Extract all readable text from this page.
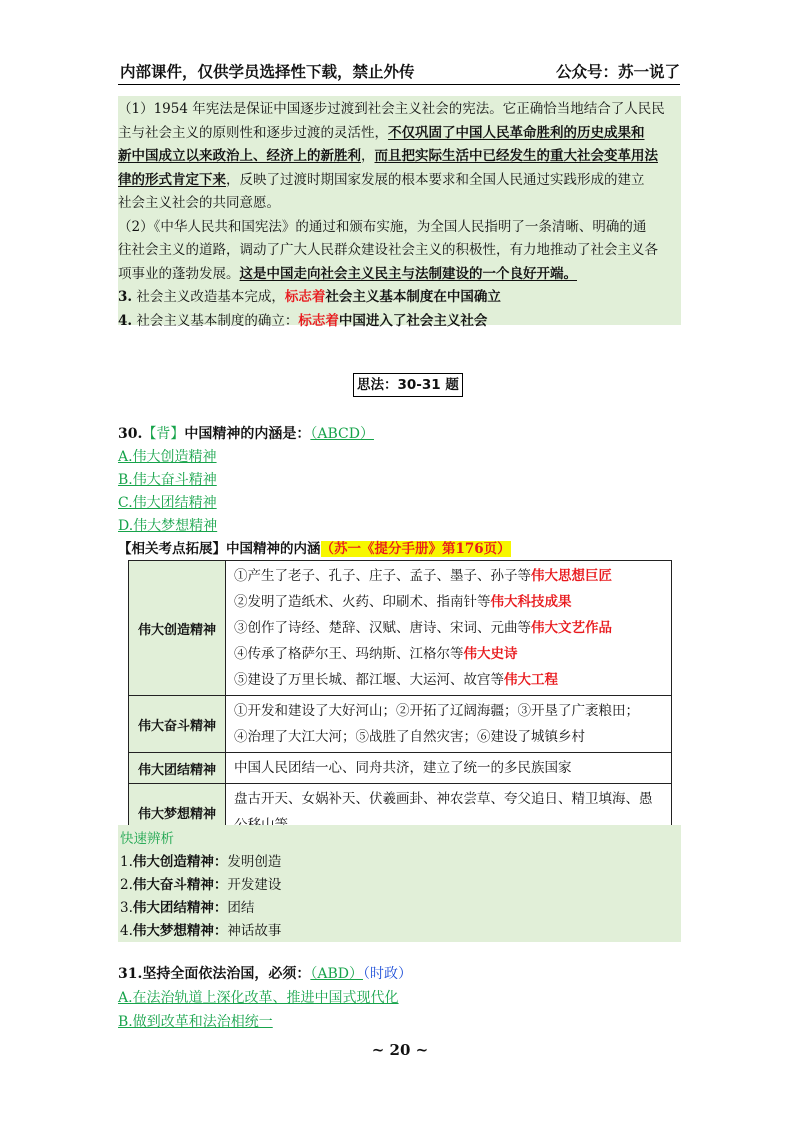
内部课件，仅供学员选择性下载，禁止外传	公众号：苏一说了
（1）1954 年宪法是保证中国逐步过渡到社会主义社会的宪法。它正确恰当地结合了人民民
主与社会主义的原则性和逐步过渡的灵活性，不仅巩固了中国人民革命胜利的历史成果和
新中国成立以来政治上、经济上的新胜利，而且把实际生活中已经发生的重大社会变革用法
律的形式肯定下来，反映了过渡时期国家发展的根本要求和全国人民通过实践形成的建立
社会主义社会的共同意愿。
（2）《中华人民共和国宪法》的通过和颁布实施，为全国人民指明了一条清晰、明确的通
往社会主义的道路，调动了广大人民群众建设社会主义的积极性，有力地推动了社会主义各
项事业的蓬勃发展。这是中国走向社会主义民主与法制建设的一个良好开端。
3. 社会主义改造基本完成，标志着社会主义基本制度在中国确立
4. 社会主义基本制度的确立：标志着中国进入了社会主义社会
思法：30-31 题
30.【背】中国精神的内涵是：（ABCD）
A.伟大创造精神
B.伟大奋斗精神
C.伟大团结精神
D.伟大梦想精神
【相关考点拓展】中国精神的内涵（苏一《提分手册》第176页）
伟大创造精神	①产生了老子、孔子、庄子、孟子、墨子、孙子等伟大思想巨匠
②发明了造纸术、火药、印刷术、指南针等伟大科技成果
③创作了诗经、楚辞、汉赋、唐诗、宋词、元曲等伟大文艺作品
④传承了格萨尔王、玛纳斯、江格尔等伟大史诗
⑤建设了万里长城、都江堰、大运河、故宫等伟大工程

伟大奋斗精神	①开发和建设了大好河山；②开拓了辽阔海疆；③开垦了广袤粮田；
④治理了大江大河；⑤战胜了自然灾害；⑥建设了城镇乡村

伟大团结精神	中国人民团结一心、同舟共济，建立了统一的多民族国家

伟大梦想精神	盘古开天、女娲补天、伏羲画卦、神农尝草、夸父追日、精卫填海、愚
快速辨析
1.伟大创造精神：发明创造
2.伟大奋斗精神：开发建设
3.伟大团结精神：团结
4.伟大梦想精神：神话故事
31.坚持全面依法治国，必须：（ABD）（时政）
A.在法治轨道上深化改革、推进中国式现代化
B.做到改革和法治相统一
~ 20 ~
